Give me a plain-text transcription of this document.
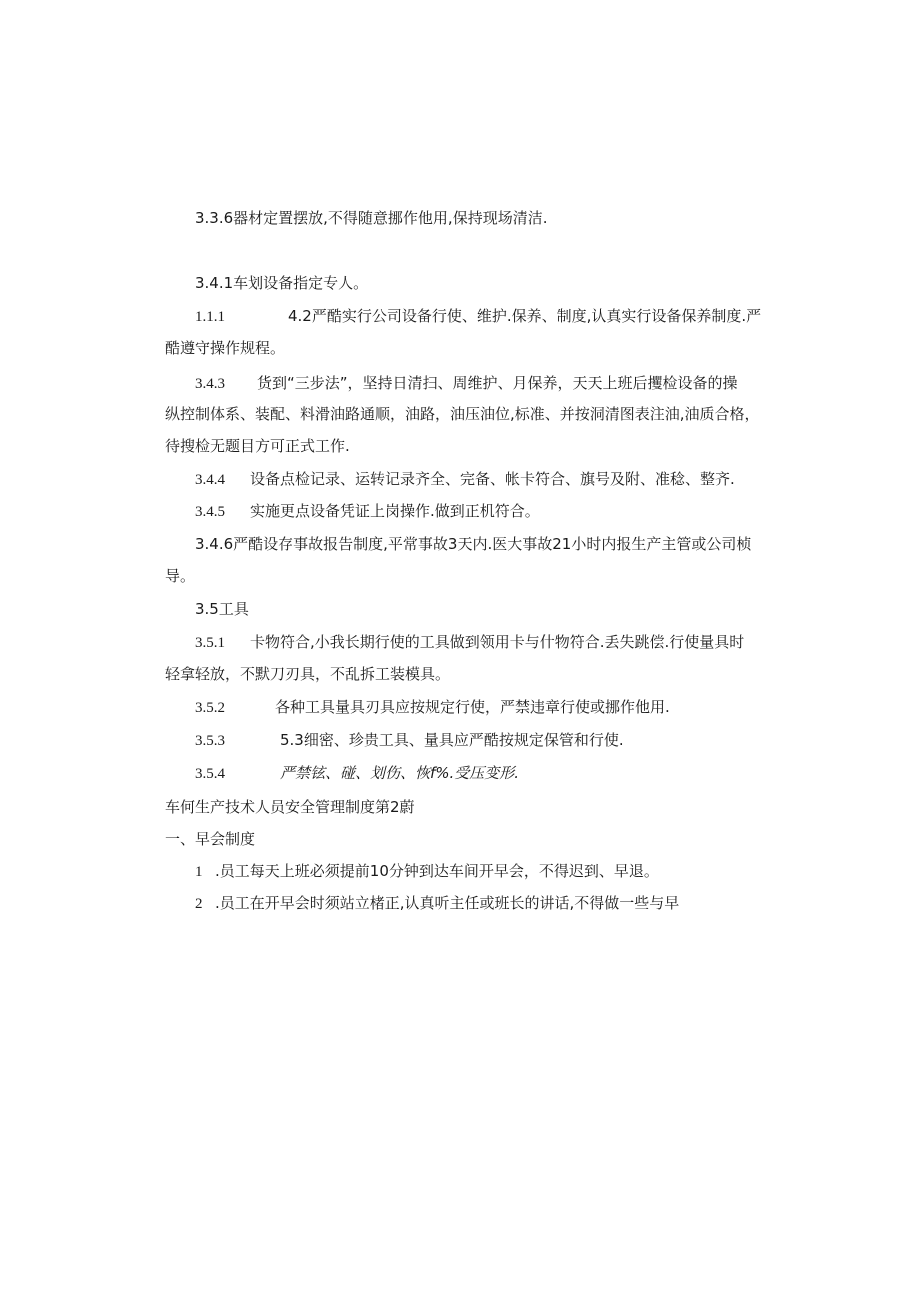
3.3.6器材定置摆放,不得随意挪作他用,保持现场清洁.
3.4.1车划设备指定专人。
1.1.1	4.2严酷实行公司设备行使、维护.保养、制度,认真实行设备保养制度.严
酷遵守操作规程。
3.4.3 货到“三步法”，坚持日清扫、周维护、月保养，天天上班后攫检设备的操
纵控制体系、装配、料滑油路通顺，油路，油压油位,标准、并按洞清图表注油,油质合格，
待搜检无题目方可正式工作.
3.4.4 设备点检记录、运转记录齐全、完备、帐卡符合、旗号及附、准稔、整齐.
3.4.5 实施更点设备凭证上岗操作.做到正机符合。
3.4.6严酷设存事故报告制度,平常事故3天内.医大事故21小时内报生产主管或公司桢
导。
3.5工具
3.5.1 卡物符合,小我长期行使的工具做到领用卡与什物符合.丢失跳偿.行使量具时
轻拿轻放，不默刀刃具，不乱拆工装模具。
3.5.2	各种工具量具刃具应按规定行使，严禁违章行使或挪作他用.
3.5.3	5.3细密、珍贵工具、量具应严酷按规定保管和行使.
3.5.4	严禁铉、碰、划伤、恢f%.受压变形.
车何生产技术人员安全管理制度第2蔚
一、早会制度
1 .员工每天上班必须提前10分钟到达车间开早会，不得迟到、早退。
2 .员工在开早会时须站立楮正,认真听主任或班长的讲话,不得做一些与早
